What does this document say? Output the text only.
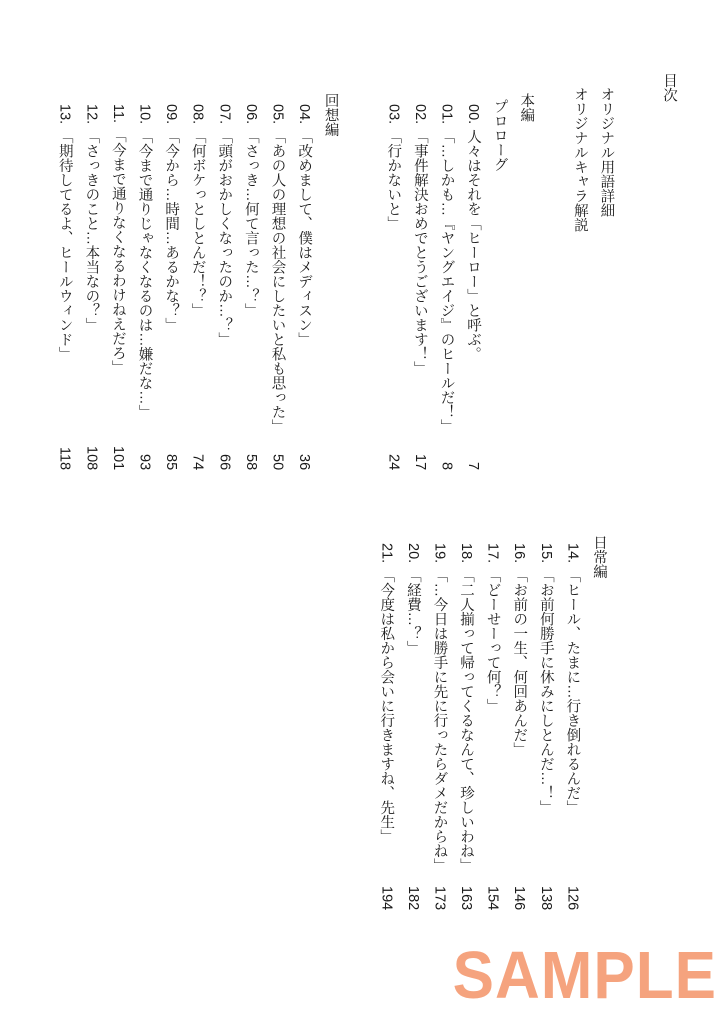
目次
オリジナル用語詳細
オリジナルキャラ解説
本編
プロローグ
00.人々はそれを「ヒーロー」と呼ぶ。
7
01.「…しかも…『ヤングエイジ』のヒールだ！」
8
02.「事件解決おめでとうございます！」
17
03.「行かないと」
24
回想編
04.「改めまして、僕はメディスン」
36
05.「あの人の理想の社会にしたいと私も思った」
50
06.「さっき…何て言った…？」
58
07.「頭がおかしくなったのか…？」
66
08.「何ボケっとしとんだ！？」
74
09.「今から…時間…あるかな？」
85
10.「今まで通りじゃなくなるのは…嫌だな…」
93
11.「今まで通りなくなるわけねえだろ」
101
12.「さっきのこと…本当なの？」
108
13.「期待してるよ、ヒールウィンド」
118
日常編
14.「ヒール、たまに…行き倒れるんだ」
126
15.「お前何勝手に休みにしとんだ…！」
138
16.「お前の一生、何回あんだ」
146
17.「どーせーって何？」
154
18.「二人揃って帰ってくるなんて、珍しいわね」
163
19.「…今日は勝手に先に行ったらダメだからね」
173
20.「経費…？」
182
21.「今度は私から会いに行きますね、先生」
194
SAMPLE
